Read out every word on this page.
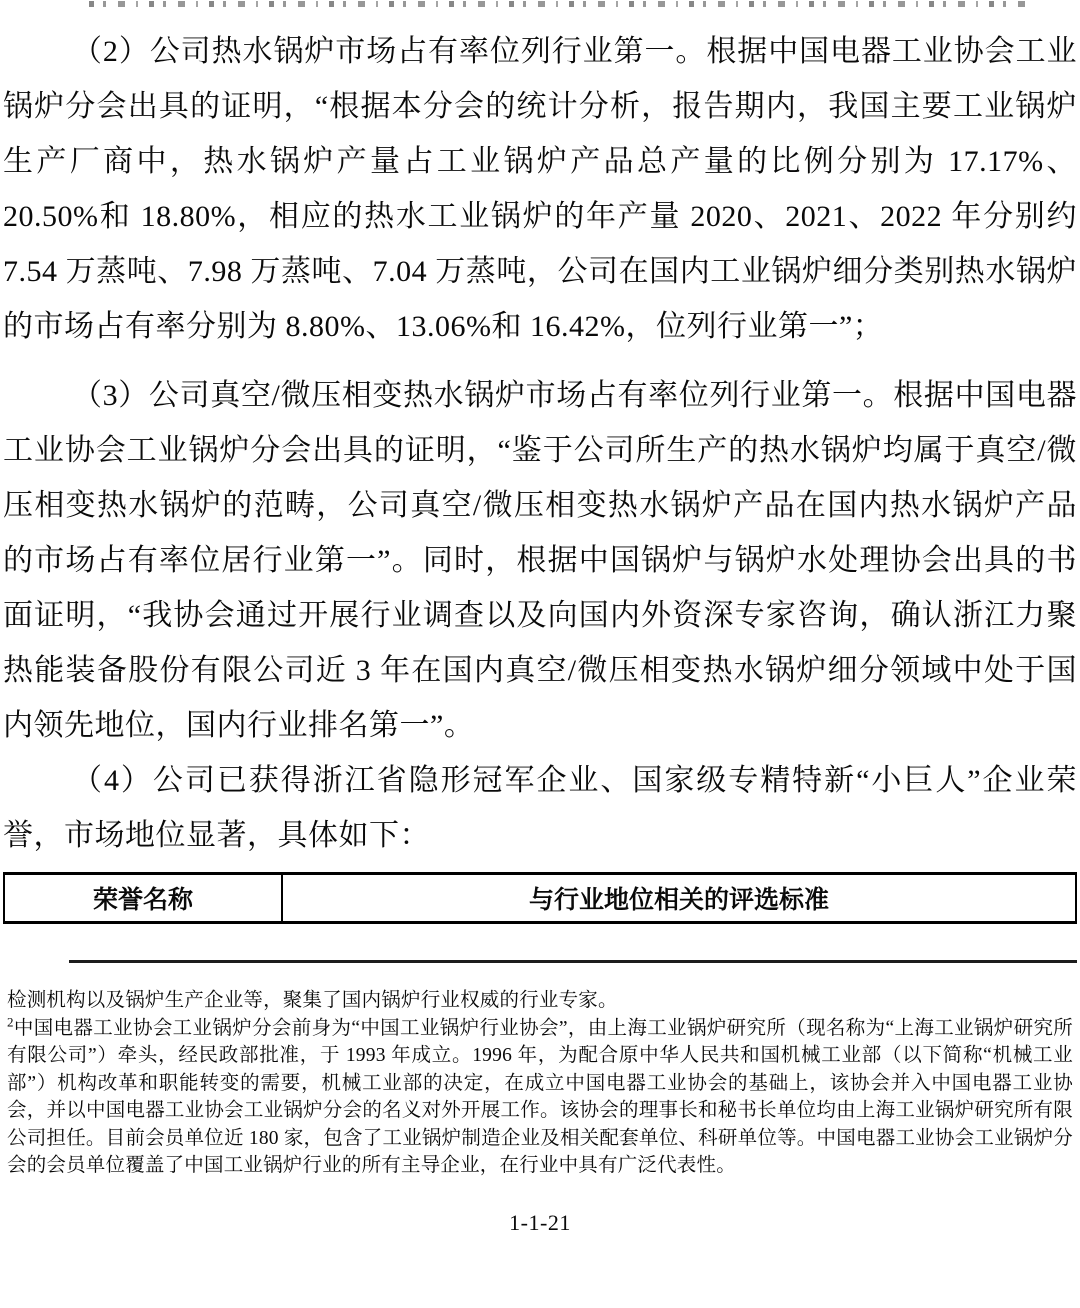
（2）公司热水锅炉市场占有率位列行业第一。根据中国电器工业协会工业锅炉分会出具的证明，“根据本分会的统计分析，报告期内，我国主要工业锅炉生产厂商中，热水锅炉产量占工业锅炉产品总产量的比例分别为 17.17%、20.50%和 18.80%，相应的热水工业锅炉的年产量 2020、2021、2022 年分别约 7.54 万蒸吨、7.98 万蒸吨、7.04 万蒸吨，公司在国内工业锅炉细分类别热水锅炉的市场占有率分别为 8.80%、13.06%和 16.42%，位列行业第一”；

（3）公司真空/微压相变热水锅炉市场占有率位列行业第一。根据中国电器工业协会工业锅炉分会出具的证明，“鉴于公司所生产的热水锅炉均属于真空/微压相变热水锅炉的范畴，公司真空/微压相变热水锅炉产品在国内热水锅炉产品的市场占有率位居行业第一”。同时，根据中国锅炉与锅炉水处理协会出具的书面证明，“我协会通过开展行业调查以及向国内外资深专家咨询，确认浙江力聚热能装备股份有限公司近 3 年在国内真空/微压相变热水锅炉细分领域中处于国内领先地位，国内行业排名第一”。

（4）公司已获得浙江省隐形冠军企业、国家级专精特新“小巨人”企业荣誉，市场地位显著，具体如下：

荣誉名称	与行业地位相关的评选标准

检测机构以及锅炉生产企业等，聚集了国内锅炉行业权威的行业专家。

$^2$中国电器工业协会工业锅炉分会前身为“中国工业锅炉行业协会”，由上海工业锅炉研究所（现名称为“上海工业锅炉研究所有限公司”）牵头，经民政部批准，于 1993 年成立。1996 年，为配合原中华人民共和国机械工业部（以下简称“机械工业部”）机构改革和职能转变的需要，机械工业部的决定，在成立中国电器工业协会的基础上，该协会并入中国电器工业协会，并以中国电器工业协会工业锅炉分会的名义对外开展工作。该协会的理事长和秘书长单位均由上海工业锅炉研究所有限公司担任。目前会员单位近 180 家，包含了工业锅炉制造企业及相关配套单位、科研单位等。中国电器工业协会工业锅炉分会的会员单位覆盖了中国工业锅炉行业的所有主导企业，在行业中具有广泛代表性。

1-1-21
